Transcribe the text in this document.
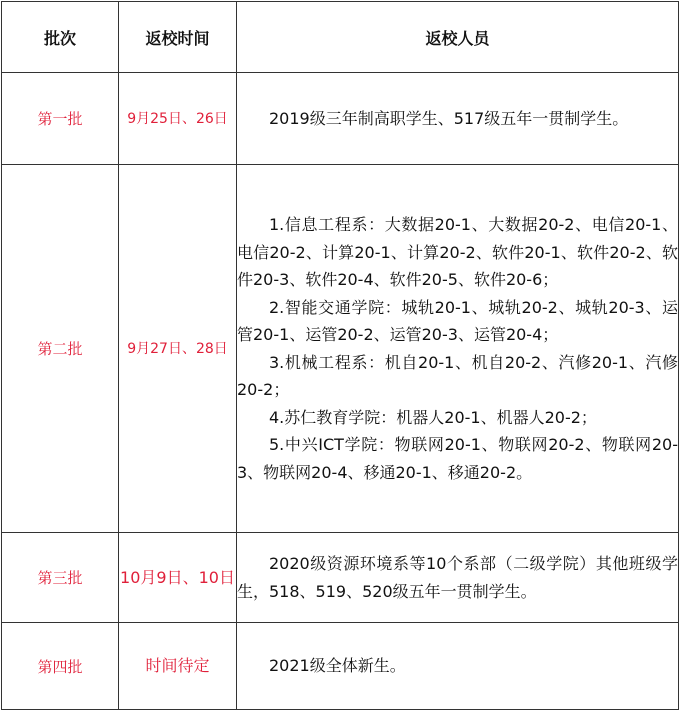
批次	返校时间	返校人员
第一批	9月25日、26日	2019级三年制高职学生、517级五年一贯制学生。

第二批	9月27日、28日	1.信息工程系：大数据20-1、大数据20-2、电信20-1、电信20-2、计算20-1、计算20-2、软件20-1、软件20-2、软件20-3、软件20-4、软件20-5、软件20-6；

2.智能交通学院：城轨20-1、城轨20-2、城轨20-3、运管20-1、运管20-2、运管20-3、运管20-4；

3.机械工程系：机自20-1、机自20-2、汽修20-1、汽修20-2；

4.苏仁教育学院：机器人20-1、机器人20-2；

5.中兴ICT学院：物联网20-1、物联网20-2、物联网20-3、物联网20-4、移通20-1、移通20-2。

第三批	10月9日、10日	2020级资源环境系等10个系部（二级学院）其他班级学生，518、519、520级五年一贯制学生。

第四批	时间待定	2021级全体新生。
